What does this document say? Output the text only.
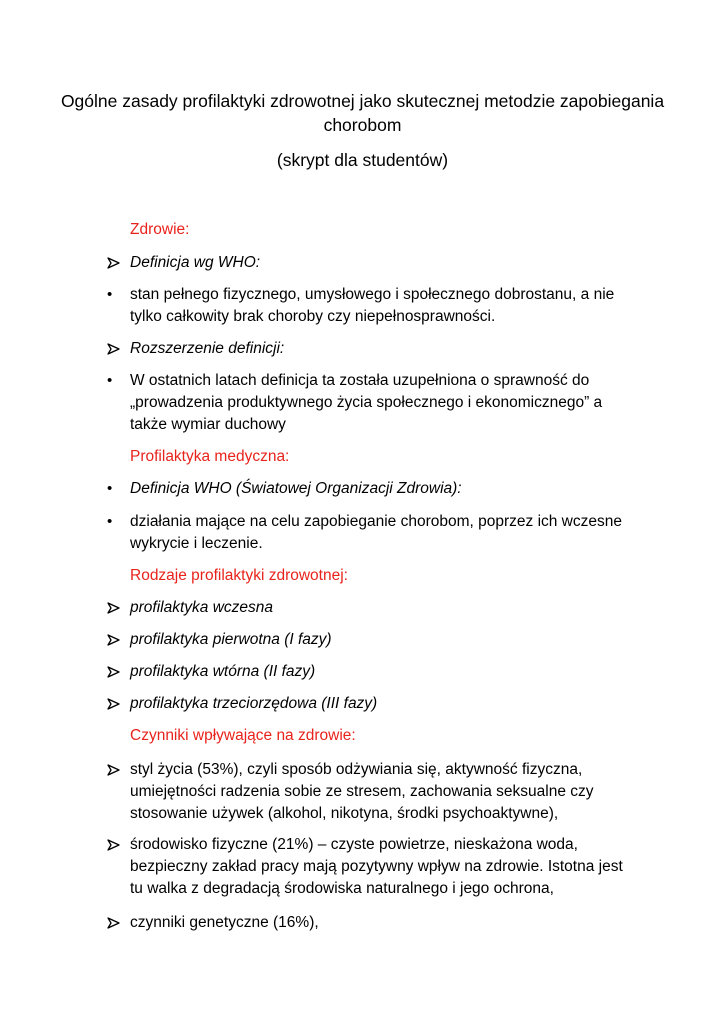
Ogólne zasady profilaktyki zdrowotnej jako skutecznej metodzie zapobiegania chorobom
(skrypt dla studentów)
Zdrowie:
Definicja wg WHO:
•	stan pełnego fizycznego, umysłowego i społecznego dobrostanu, a nie tylko całkowity brak choroby czy niepełnosprawności.
Rozszerzenie definicji:
•	W ostatnich latach definicja ta została uzupełniona o sprawność do „prowadzenia produktywnego życia społecznego i ekonomicznego” a także wymiar duchowy
Profilaktyka medyczna:
•	Definicja WHO (Światowej Organizacji Zdrowia):
•	działania mające na celu zapobieganie chorobom, poprzez ich wczesne wykrycie i leczenie.
Rodzaje profilaktyki zdrowotnej:
profilaktyka wczesna
profilaktyka pierwotna (I fazy)
profilaktyka wtórna (II fazy)
profilaktyka trzeciorzędowa (III fazy)
Czynniki wpływające na zdrowie:
styl życia (53%), czyli sposób odżywiania się, aktywność fizyczna, umiejętności radzenia sobie ze stresem, zachowania seksualne czy stosowanie używek (alkohol, nikotyna, środki psychoaktywne),
środowisko fizyczne (21%) – czyste powietrze, nieskażona woda, bezpieczny zakład pracy mają pozytywny wpływ na zdrowie. Istotna jest tu walka z degradacją środowiska naturalnego i jego ochrona,
czynniki genetyczne (16%),
